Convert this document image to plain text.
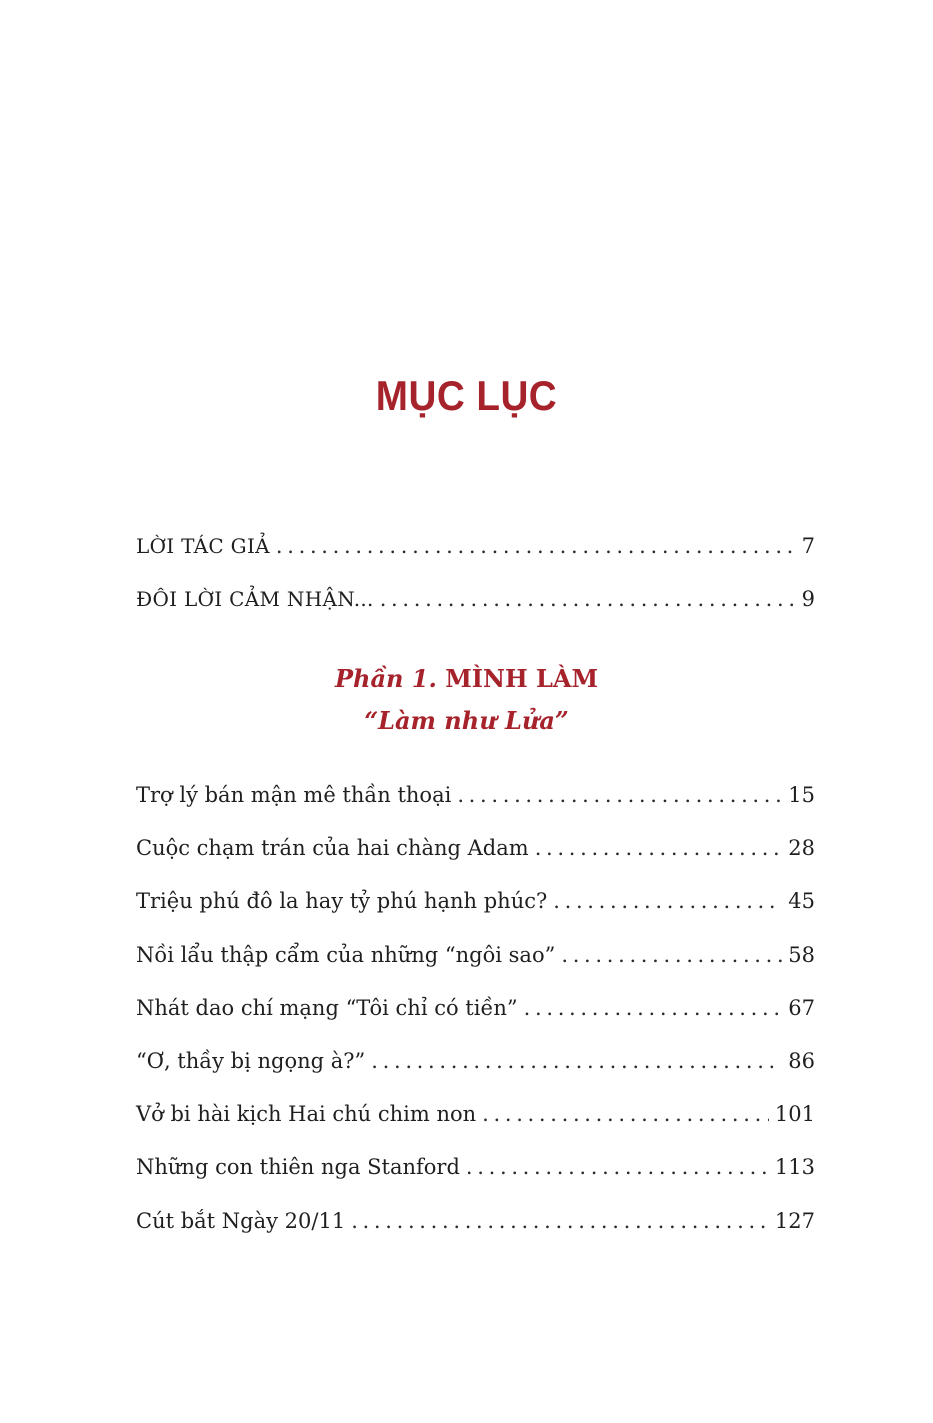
MỤC LỤC
LỜI TÁC GIẢ . . .	7
ĐÔI LỜI CẢM NHẬN... . . .	9
Phần 1. MÌNH LÀM
“Làm như Lửa”
Trợ lý bán mận mê thần thoại . . .	15
Cuộc chạm trán của hai chàng Adam . . .	28
Triệu phú đô la hay tỷ phú hạnh phúc? . . .	45
Nồi lẩu thập cẩm của những “ngôi sao” . . .	58
Nhát dao chí mạng “Tôi chỉ có tiền” . . .	67
“Ơ, thầy bị ngọng à?” . . .	86
Vở bi hài kịch Hai chú chim non . . .	101
Những con thiên nga Stanford . . .	113
Cút bắt Ngày 20/11 . . .	127
